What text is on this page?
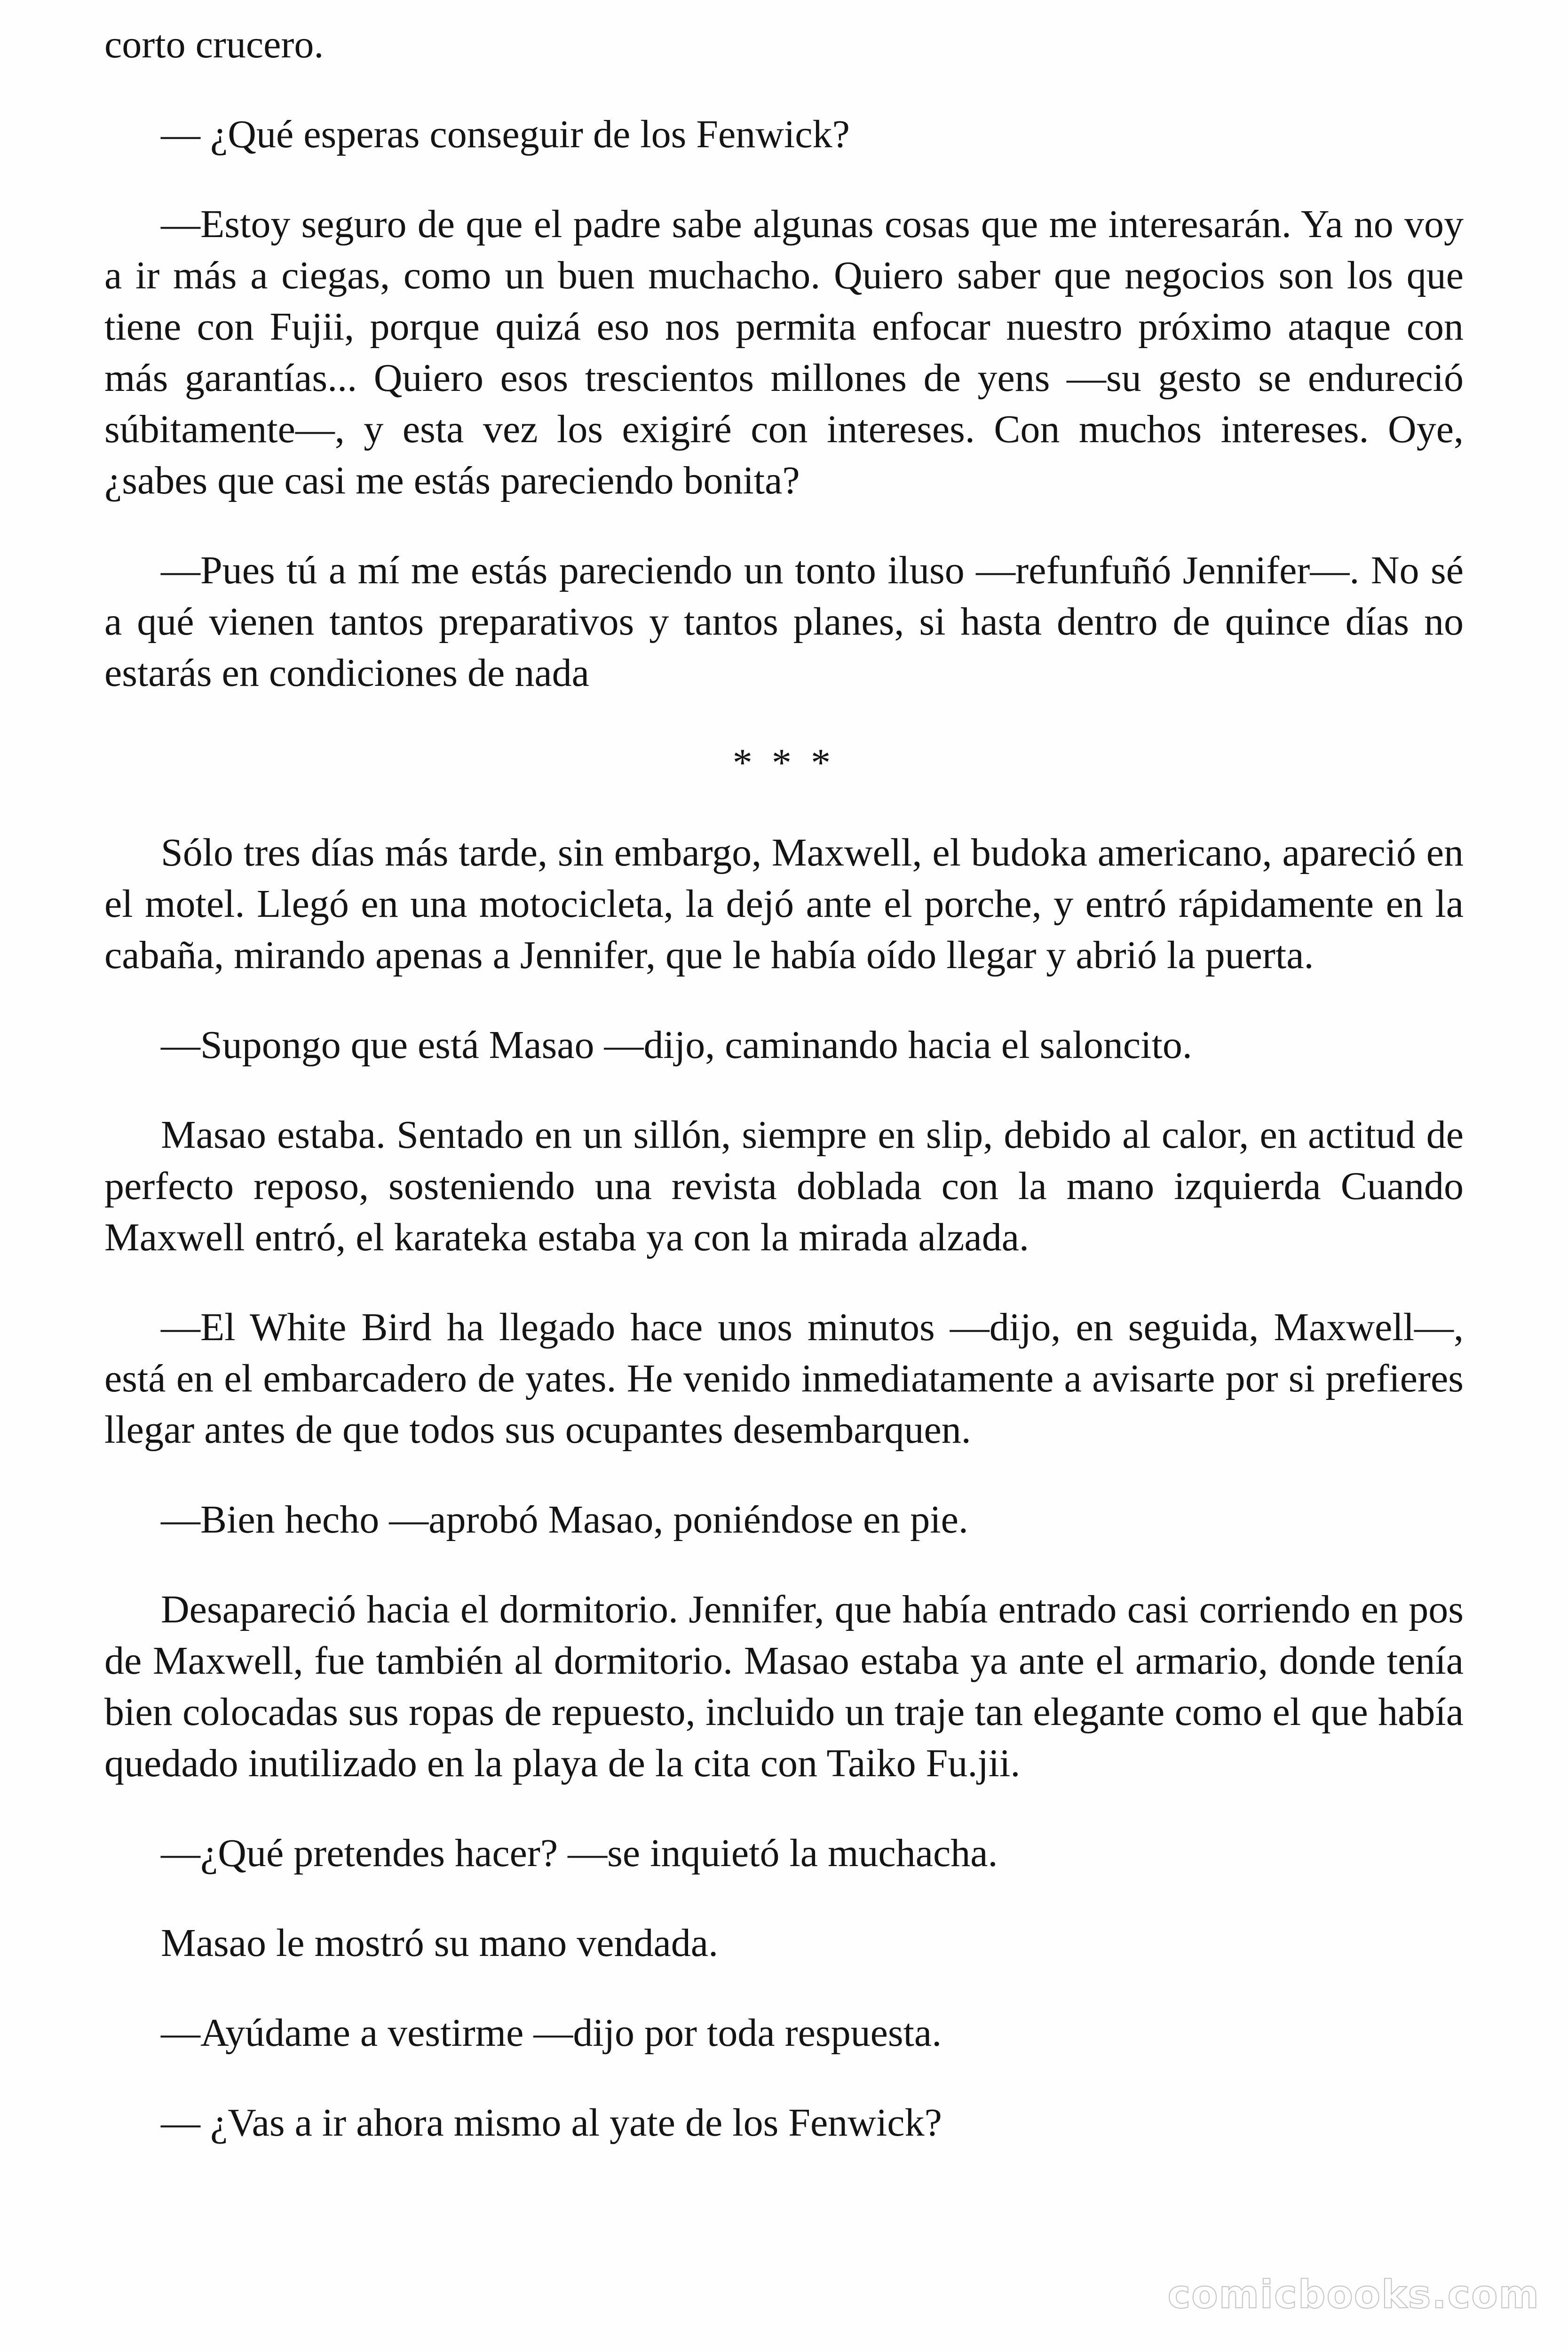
corto crucero.

— ¿Qué esperas conseguir de los Fenwick?

—Estoy seguro de que el padre sabe algunas cosas que me interesarán. Ya no voy a ir más a ciegas, como un buen muchacho. Quiero saber que negocios son los que tiene con Fujii, porque quizá eso nos permita enfocar nuestro próximo ataque con más garantías... Quiero esos trescientos millones de yens —su gesto se endureció súbitamente—, y esta vez los exigiré con intereses. Con muchos intereses. Oye, ¿sabes que casi me estás pareciendo bonita?

—Pues tú a mí me estás pareciendo un tonto iluso —refunfuñó Jennifer—. No sé a qué vienen tantos preparativos y tantos planes, si hasta dentro de quince días no estarás en condiciones de nada

* * *

Sólo tres días más tarde, sin embargo, Maxwell, el budoka americano, apareció en el motel. Llegó en una motocicleta, la dejó ante el porche, y entró rápidamente en la cabaña, mirando apenas a Jennifer, que le había oído llegar y abrió la puerta.

—Supongo que está Masao —dijo, caminando hacia el saloncito.

Masao estaba. Sentado en un sillón, siempre en slip, debido al calor, en actitud de perfecto reposo, sosteniendo una revista doblada con la mano izquierda Cuando Maxwell entró, el karateka estaba ya con la mirada alzada.

—El White Bird ha llegado hace unos minutos —dijo, en seguida, Maxwell—, está en el embarcadero de yates. He venido inmediatamente a avisarte por si prefieres llegar antes de que todos sus ocupantes desembarquen.

—Bien hecho —aprobó Masao, poniéndose en pie.

Desapareció hacia el dormitorio. Jennifer, que había entrado casi corriendo en pos de Maxwell, fue también al dormitorio. Masao estaba ya ante el armario, donde tenía bien colocadas sus ropas de repuesto, incluido un traje tan elegante como el que había quedado inutilizado en la playa de la cita con Taiko Fu.jii.

—¿Qué pretendes hacer? —se inquietó la muchacha.

Masao le mostró su mano vendada.

—Ayúdame a vestirme —dijo por toda respuesta.

— ¿Vas a ir ahora mismo al yate de los Fenwick?

comicbooks.com
